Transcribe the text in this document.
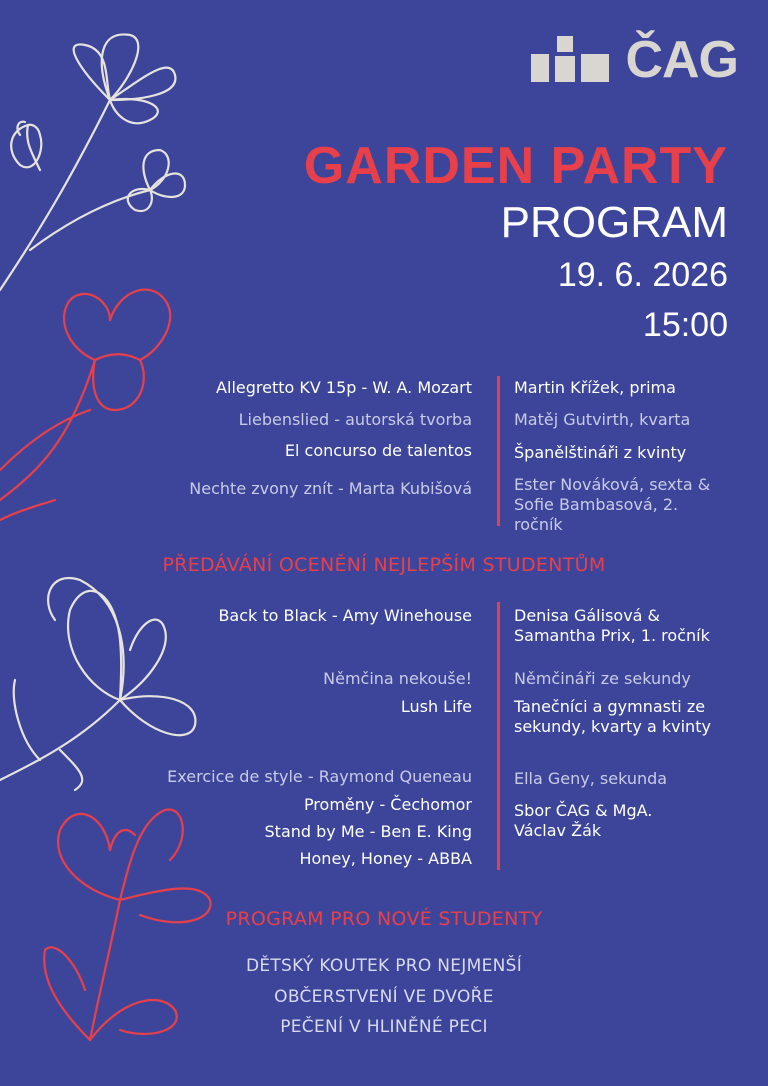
ČAG
GARDEN PARTY
PROGRAM
19. 6. 2026
15:00
Allegretto KV 15p - W. A. Mozart	Martin Křížek, prima
Liebenslied - autorská tvorba	Matěj Gutvirth, kvarta
El concurso de talentos	Španělštináři z kvinty
Nechte zvony znít - Marta Kubišová	Ester Nováková, sexta & Sofie Bambasová, 2. ročník
PŘEDÁVÁNÍ OCENĚNÍ NEJLEPŠÍM STUDENTŮM
Back to Black - Amy Winehouse	Denisa Gálisová & Samantha Prix, 1. ročník
Němčina nekouše!	Němčináři ze sekundy
Lush Life	Tanečníci a gymnasti ze sekundy, kvarty a kvinty
Exercice de style - Raymond Queneau	Ella Geny, sekunda
Proměny - Čechomor	Sbor ČAG & MgA. Václav Žák
Stand by Me - Ben E. King
Honey, Honey - ABBA
PROGRAM PRO NOVÉ STUDENTY
DĚTSKÝ KOUTEK PRO NEJMENŠÍ
OBČERSTVENÍ VE DVOŘE
PEČENÍ V HLINĚNÉ PECI
